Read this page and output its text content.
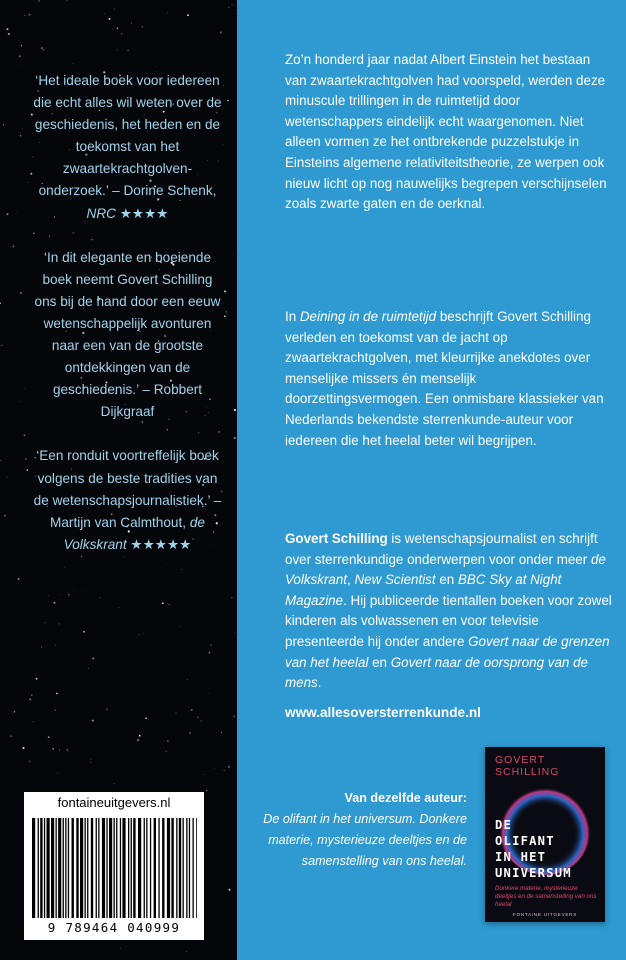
‘Het ideale boek voor iedereen die echt alles wil weten over de geschiedenis, het heden en de toekomst van het zwaartekrachtgolven-onderzoek.’ – Dorine Schenk, NRC ★★★★

‘In dit elegante en boeiende boek neemt Govert Schilling ons bij de hand door een eeuw wetenschappelijk avonturen naar een van de grootste ontdekkingen van de geschiedenis.’ – Robbert Dijkgraaf

‘Een ronduit voortreffelijk boek volgens de beste tradities van de wetenschapsjournalistiek.’ – Martijn van Calmthout, de Volkskrant ★★★★★

fontaineuitgevers.nl
9 789464 040999

Zo’n honderd jaar nadat Albert Einstein het bestaan van zwaartekrachtgolven had voorspeld, werden deze minuscule trillingen in de ruimtetijd door wetenschappers eindelijk echt waargenomen. Niet alleen vormen ze het ontbrekende puzzelstukje in Einsteins algemene relativiteitstheorie, ze werpen ook nieuw licht op nog nauwelijks begrepen verschijnselen zoals zwarte gaten en de oerknal.

In Deining in de ruimtetijd beschrijft Govert Schilling verleden en toekomst van de jacht op zwaartekrachtgolven, met kleurrijke anekdotes over menselijke missers én menselijk doorzettingsvermogen. Een onmisbare klassieker van Nederlands bekendste sterrenkunde-auteur voor iedereen die het heelal beter wil begrijpen.

Govert Schilling is wetenschapsjournalist en schrijft over sterrenkundige onderwerpen voor onder meer de Volkskrant, New Scientist en BBC Sky at Night Magazine. Hij publiceerde tientallen boeken voor zowel kinderen als volwassenen en voor televisie presenteerde hij onder andere Govert naar de grenzen van het heelal en Govert naar de oorsprong van de mens.

www.allesoversterrenkunde.nl
Van dezelfde auteur:
De olifant in het universum. Donkere materie, mysterieuze deeltjes en de samenstelling van ons heelal.
GOVERT
SCHILLING
DE
OLIFANT
IN HET
UNIVERSUM
Donkere materie, mysterieuze deeltjes en de samenstelling van ons heelal
FONTAINE UITGEVERS
